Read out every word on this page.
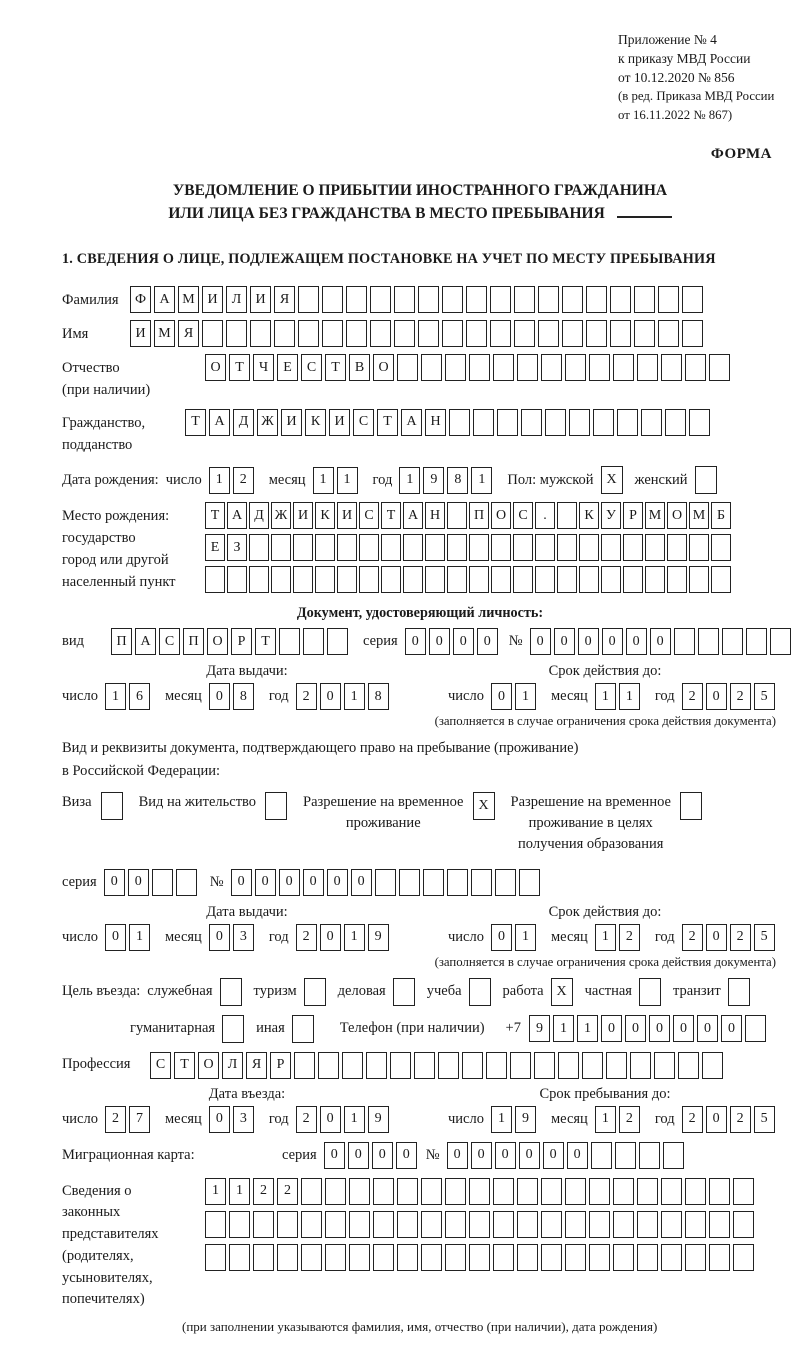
Приложение № 4
к приказу МВД России
от 10.12.2020 № 856
(в ред. Приказа МВД России
от 16.11.2022 № 867)
ФОРМА
УВЕДОМЛЕНИЕ О ПРИБЫТИИ ИНОСТРАННОГО ГРАЖДАНИНА
ИЛИ ЛИЦА БЕЗ ГРАЖДАНСТВА В МЕСТО ПРЕБЫВАНИЯ
1. СВЕДЕНИЯ О ЛИЦЕ, ПОДЛЕЖАЩЕМ ПОСТАНОВКЕ НА УЧЕТ ПО МЕСТУ ПРЕБЫВАНИЯ
Фамилия	Ф А М И	Л	И	Я
Имя	И М Я
Отчество
(при наличии)
О	Т	Ч	Е	С	Т	В	О
Гражданство,
подданство
Т	А	Д Ж И	К	И	С	Т	А Н
Дата рождения: число	1	2	месяц	1	1	год	1	9	8	1	Пол: мужской X	женский
Место рождения:
государство
город или другой
населенный пункт
Т А Д Ж И К И С Т А Н	П О С	.	К У Р М О М Б
Е	З
Документ, удостоверяющий личность:
вид	П А	С	П О	Р	Т	серия	0	0	0	0	№	0	0	0	0	0	0
Дата выдачи:	Срок действия до:
число	1	6	месяц	0	8	год	2	0	1	8	число	0	1	месяц	1	1	год	2	0	2	5
(заполняется в случае ограничения срока действия документа)
Вид и реквизиты документа, подтверждающего право на пребывание (проживание)
в Российской Федерации:
Виза	Вид на жительство	Разрешение на временное
проживание
X	Разрешение на временное
проживание в целях
получения образования
серия	0	0	№	0	0	0	0	0	0
Дата выдачи:	Срок действия до:
число	0	1	месяц	0	3	год	2	0	1	9	число	0	1	месяц	1	2	год	2	0	2	5
(заполняется в случае ограничения срока действия документа)
Цель въезда: служебная	туризм	деловая	учеба	работа X	частная	транзит
гуманитарная	иная	Телефон (при наличии) +7	9	1	1	0	0	0	0	0	0
Профессия	С	Т	О	Л	Я	Р
Дата въезда:	Срок пребывания до:
число	2	7	месяц	0	3	год	2	0	1	9	число	1	9	месяц	1	2	год	2	0	2	5
Миграционная карта:	серия	0	0	0	0	№	0	0	0	0	0	0
Сведения о
законных
представителях
(родителях,
усыновителях,
попечителях)
1	1	2	2
(при заполнении указываются фамилия, имя, отчество (при наличии), дата рождения)
